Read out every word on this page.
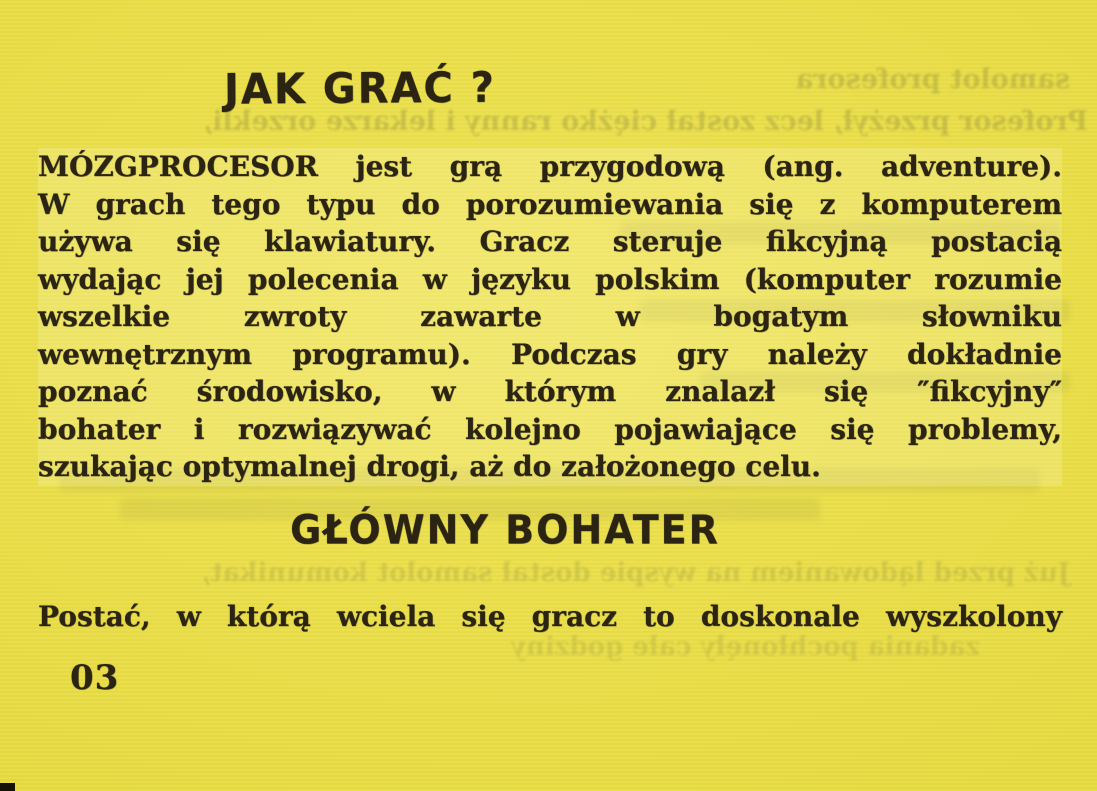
samolot profesora
Profesor przeżył, lecz został ciężko ranny i lekarze orzekli,
Już przed lądowaniem na wyspie dostał samolot komunikat,
zadania pochłonęły całe godziny
JAK GRAĆ ?
MÓZGPROCESOR jest grą przygodową (ang. adventure).
W grach tego typu do porozumiewania się z komputerem
używa się klawiatury. Gracz steruje fikcyjną postacią
wydając jej polecenia w języku polskim (komputer rozumie
wszelkie zwroty zawarte w bogatym słowniku
wewnętrznym programu). Podczas gry należy dokładnie
poznać środowisko, w którym znalazł się ″fikcyjny″
bohater i rozwiązywać kolejno pojawiające się problemy,
szukając optymalnej drogi, aż do założonego celu.
GŁÓWNY BOHATER
Postać, w którą wciela się gracz to doskonale wyszkolony
03
